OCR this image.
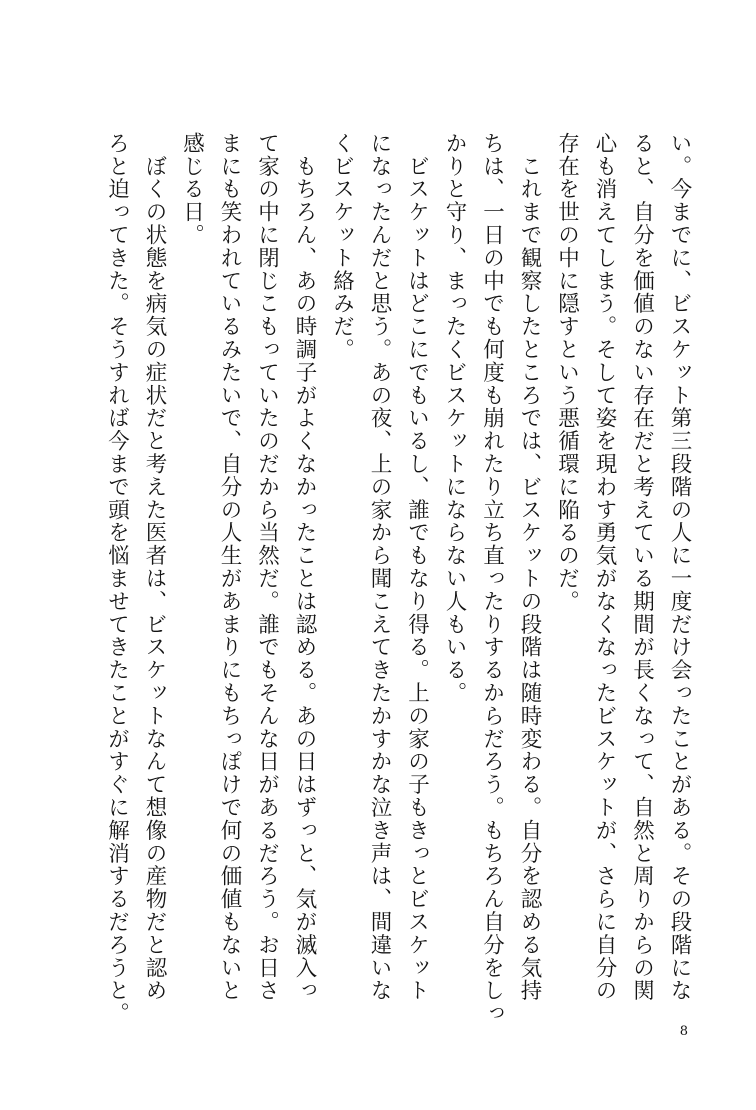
い。今までに、ビスケット第三段階の人に一度だけ会ったことがある。その段階にな
ると、自分を価値のない存在だと考えている期間が長くなって、自然と周りからの関
心も消えてしまう。そして姿を現わす勇気がなくなったビスケットが、さらに自分の
存在を世の中に隠すという悪循環に陥るのだ。
　これまで観察したところでは、ビスケットの段階は随時変わる。自分を認める気持
ちは、一日の中でも何度も崩れたり立ち直ったりするからだろう。もちろん自分をしっ
かりと守り、まったくビスケットにならない人もいる。
　ビスケットはどこにでもいるし、誰でもなり得る。上の家の子もきっとビスケット
になったんだと思う。あの夜、上の家から聞こえてきたかすかな泣き声は、間違いな
くビスケット絡みだ。
　もちろん、あの時調子がよくなかったことは認める。あの日はずっと、気が滅入っ
て家の中に閉じこもっていたのだから当然だ。誰でもそんな日があるだろう。お日さ
まにも笑われているみたいで、自分の人生があまりにもちっぽけで何の価値もないと
感じる日。
　ぼくの状態を病気の症状だと考えた医者は、ビスケットなんて想像の産物だと認め
ろと迫ってきた。そうすれば今まで頭を悩ませてきたことがすぐに解消するだろうと。
8
